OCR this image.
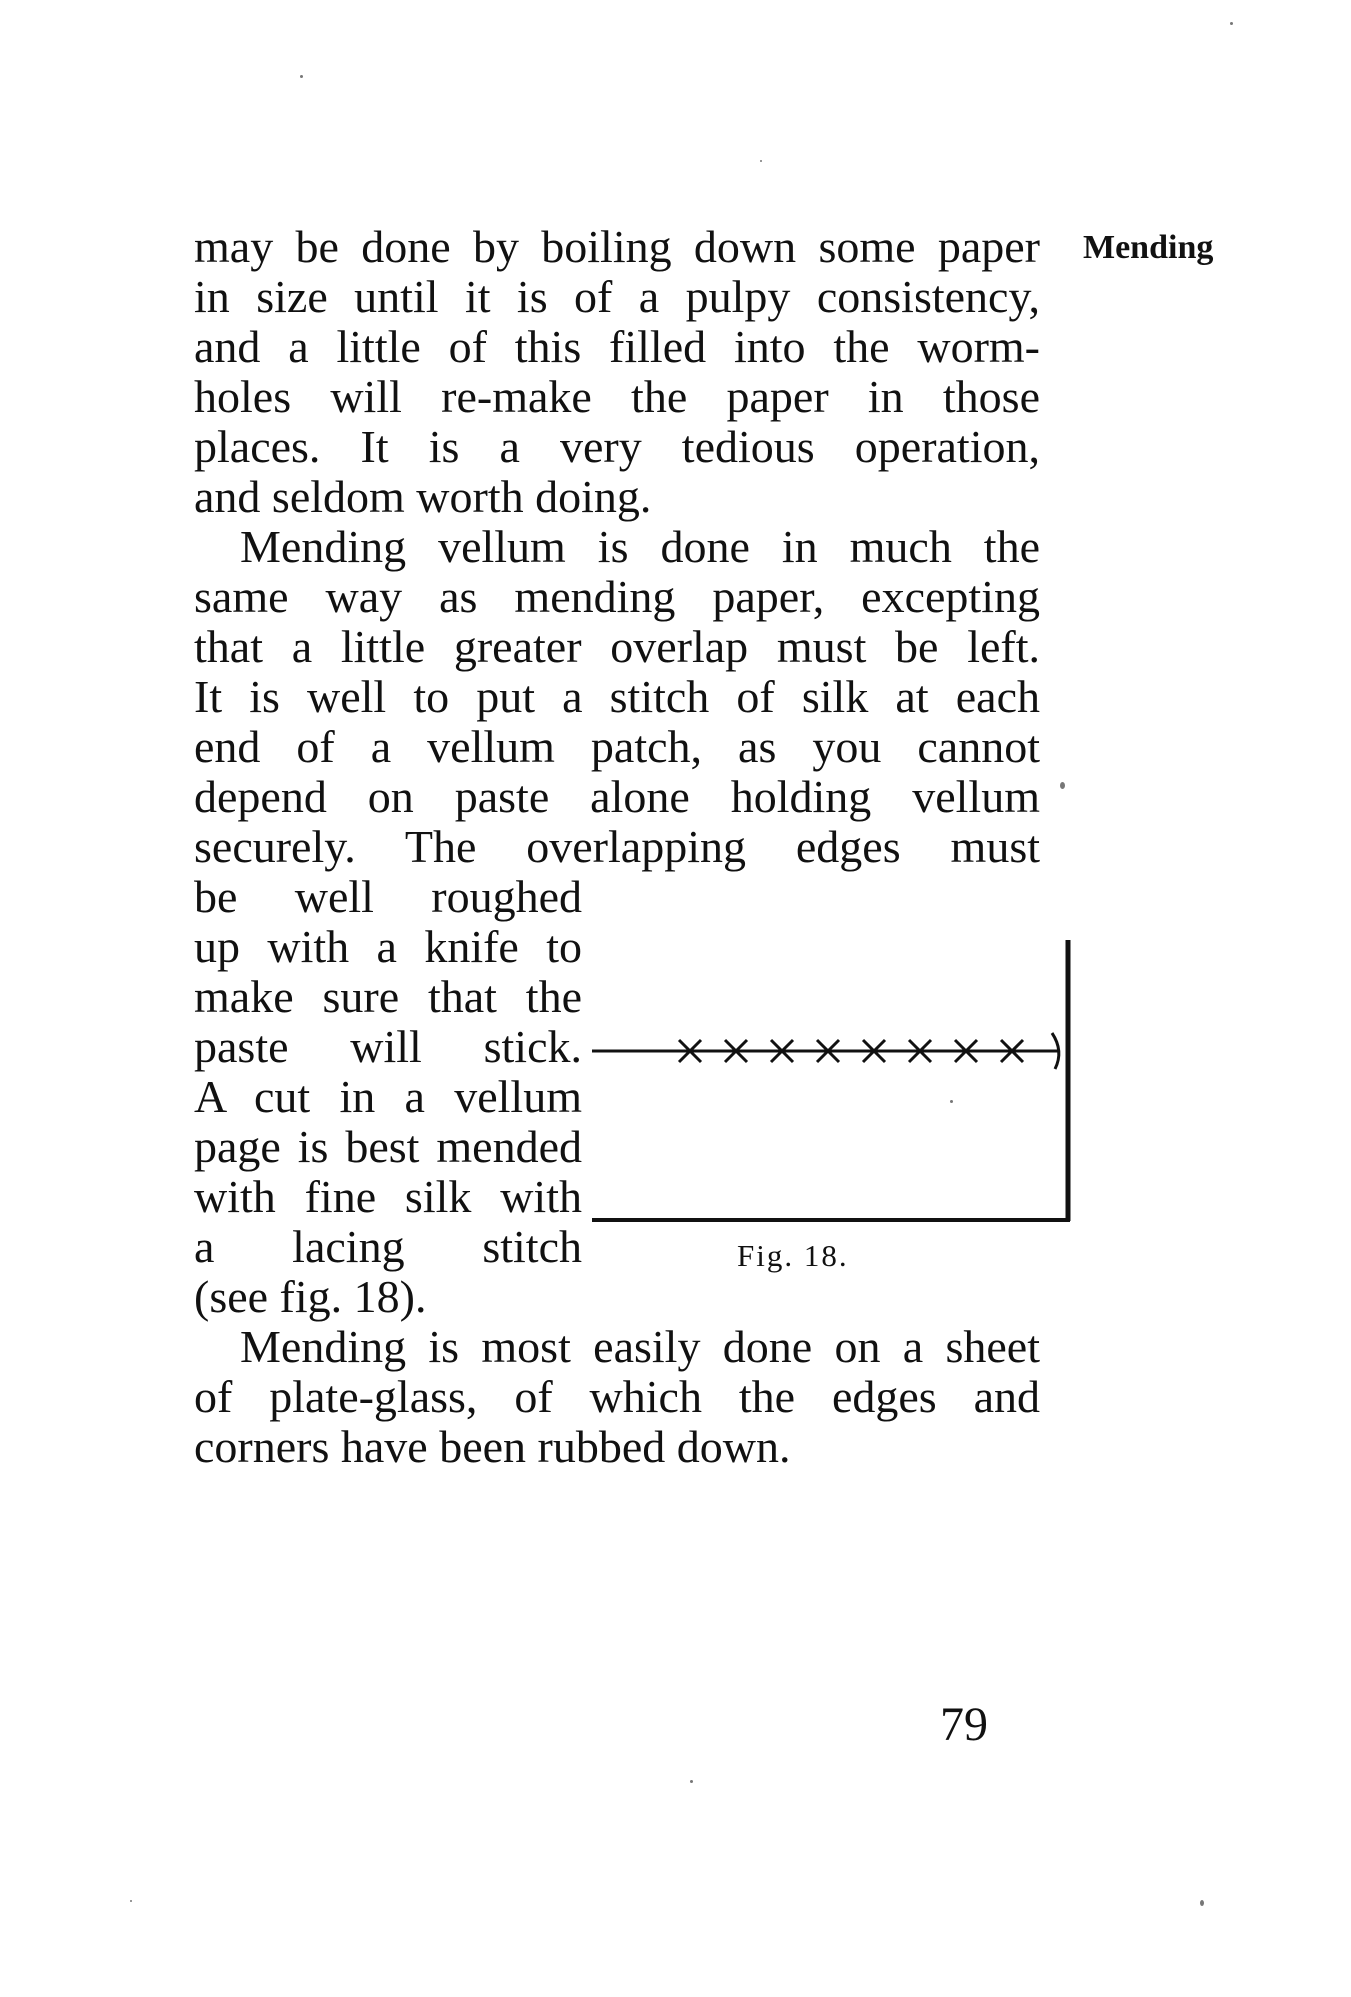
Mending
may be done by boiling down some paper
in size until it is of a pulpy consistency,
and a little of this filled into the worm-
holes will re-make the paper in those
places. It is a very tedious operation,
and seldom worth doing.
Mending vellum is done in much the
same way as mending paper, excepting
that a little greater overlap must be left.
It is well to put a stitch of silk at each
end of a vellum patch, as you cannot
depend on paste alone holding vellum
securely. The overlapping edges must
be well roughed
up with a knife to
make sure that the
paste will stick.
A cut in a vellum
page is best mended
with fine silk with
a lacing stitch
(see fig. 18).
Mending is most easily done on a sheet
of plate-glass, of which the edges and
corners have been rubbed down.
Fig. 18.
79
